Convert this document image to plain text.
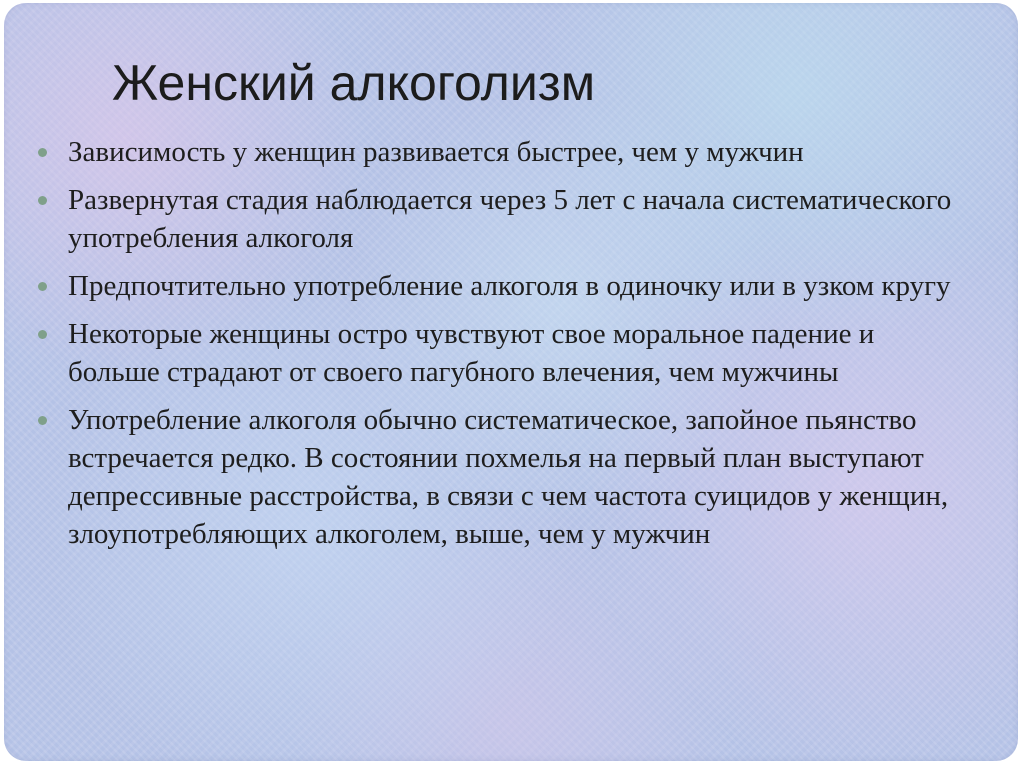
Женский алкоголизм
Зависимость у женщин развивается быстрее, чем у мужчин
Развернутая стадия наблюдается через 5 лет с начала систематического употребления алкоголя
Предпочтительно употребление алкоголя в одиночку или в узком кругу
Некоторые женщины остро чувствуют свое моральное падение и больше страдают от своего пагубного влечения, чем мужчины
Употребление алкоголя обычно систематическое, запойное пьянство встречается редко. В состоянии похмелья на первый план выступают депрессивные расстройства, в связи с чем частота суицидов у женщин, злоупотребляющих алкоголем, выше, чем у мужчин
